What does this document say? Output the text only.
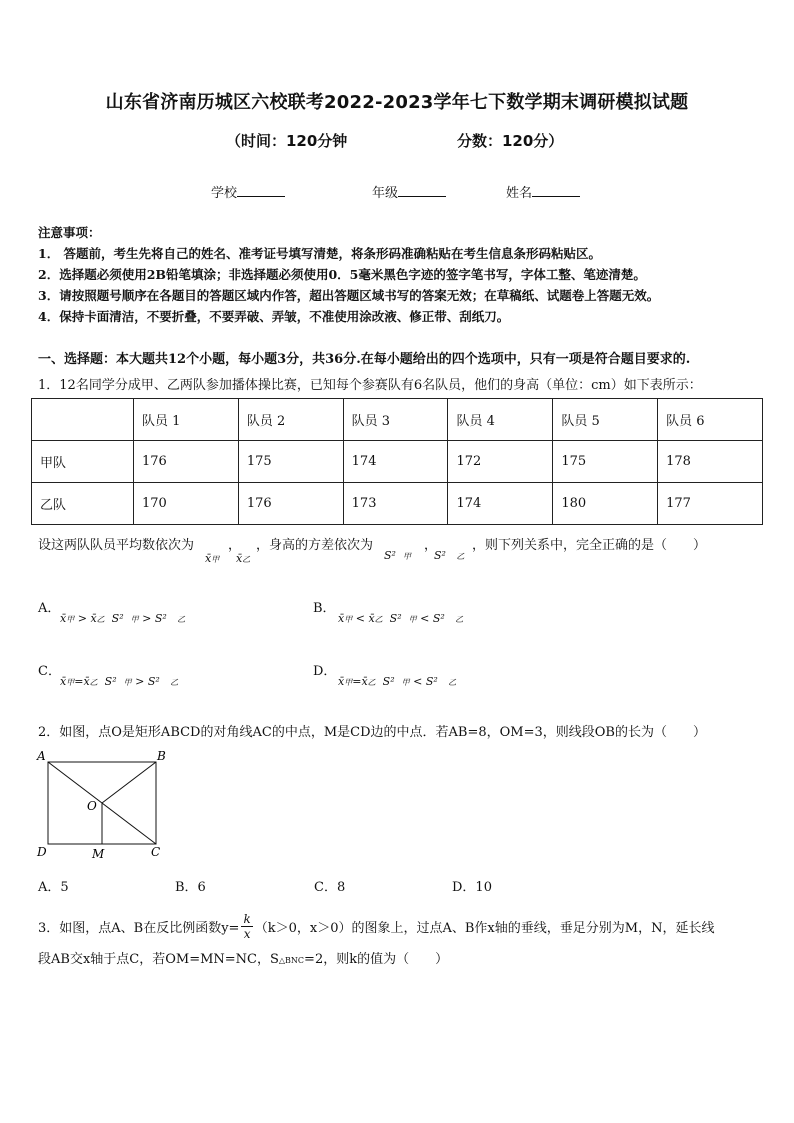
山东省济南历城区六校联考2022-2023学年七下数学期末调研模拟试题
（时间：120分钟	分数：120分）
学校	年级	姓名
注意事项：
1． 答题前，考生先将自己的姓名、准考证号填写清楚，将条形码准确粘贴在考生信息条形码粘贴区。
2．选择题必须使用2B铅笔填涂；非选择题必须使用0．5毫米黑色字迹的签字笔书写，字体工整、笔迹清楚。
3．请按照题号顺序在各题目的答题区域内作答，超出答题区域书写的答案无效；在草稿纸、试题卷上答题无效。
4．保持卡面清洁，不要折叠，不要弄破、弄皱，不准使用涂改液、修正带、刮纸刀。
一、选择题：本大题共12个小题，每小题3分，共36分.在每小题给出的四个选项中，只有一项是符合题目要求的.
1．12名同学分成甲、乙两队参加播体操比赛，已知每个参赛队有6名队员，他们的身高（单位：cm）如下表所示：
	队员 1	队员 2	队员 3	队员 4	队员 5	队员 6
甲队	176	175	174	172	175	178
乙队	170	176	173	174	180	177
设这两队队员平均数依次为	， ，身高的方差依次为	，	，则下列关系中，完全正确的是（　　）
x̄甲 x̄乙	S² 甲 S² 乙
A．
x̄甲 > x̄乙 S² 甲 > S² 乙
B．
x̄甲 < x̄乙 S² 甲 < S² 乙
C．
x̄甲=x̄乙 S² 甲 > S² 乙
D．
x̄甲=x̄乙 S² 甲 < S² 乙
2．如图，点O是矩形ABCD的对角线AC的中点，M是CD边的中点．若AB=8，OM=3，则线段OB的长为（　　）
A	B
C
D
O
M
A．5	B．6	C．8	D．10
3．如图，点A、B在反比例函数$y= \frac{k}{x} (k>0$，x＞0）的图象上，过点A、B作x轴的垂线，垂足分别为M，N，延长线
段AB交x轴于点C，若OM=MN=NC，S△BNC=2，则k的值为（　　）
